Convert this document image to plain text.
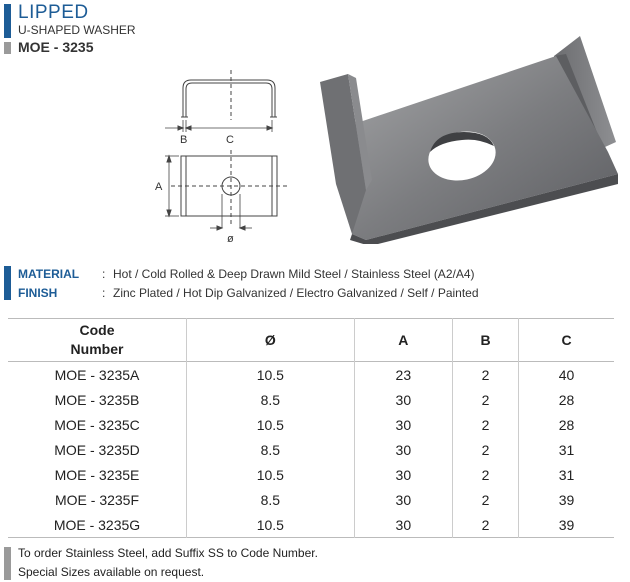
LIPPED
U-SHAPED WASHER
MOE - 3235
B	C
A
ø
MATERIAL : Hot / Cold Rolled & Deep Drawn Mild Steel / Stainless Steel (A2/A4)
FINISH	: Zinc Plated / Hot Dip Galvanized / Electro Galvanized / Self / Painted
Code
Number	Ø	A	B	C
MOE - 3235A	10.5	23	2	40
MOE - 3235B	8.5	30	2	28
MOE - 3235C	10.5	30	2	28
MOE - 3235D	8.5	30	2	31
MOE - 3235E	10.5	30	2	31
MOE - 3235F	8.5	30	2	39
MOE - 3235G	10.5	30	2	39
To order Stainless Steel, add Suffix SS to Code Number.
Special Sizes available on request.
